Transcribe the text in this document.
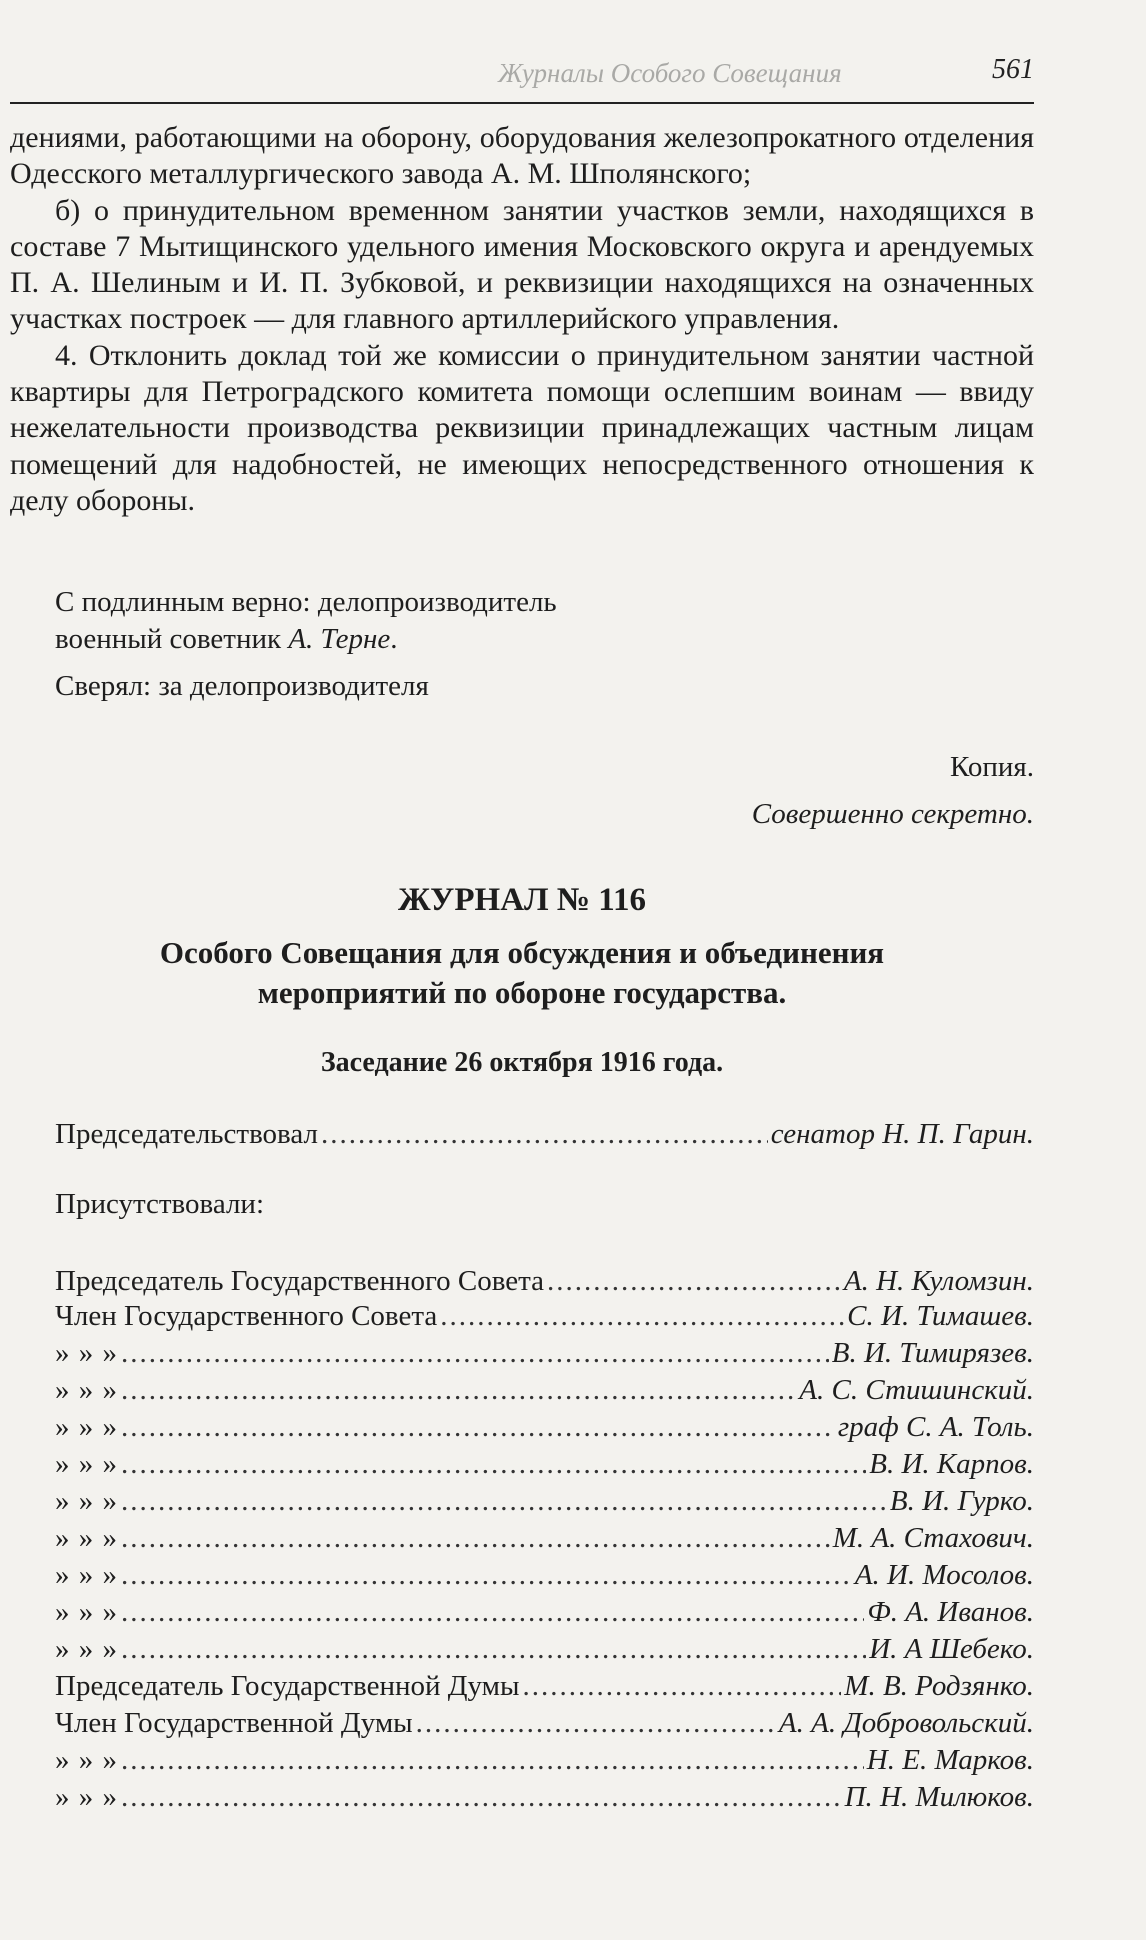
Журналы Особого Совещания	561

дениями, работающими на оборону, оборудования железопрокатного отделения Одесского металлургического завода А. М. Шполянского;

б) о принудительном временном занятии участков земли, находящихся в составе 7 Мытищинского удельного имения Московского округа и арендуемых П. А. Шелиным и И. П. Зубковой, и реквизиции находящихся на означенных участках построек — для главного артиллерийского управления.

4. Отклонить доклад той же комиссии о принудительном занятии частной квартиры для Петроградского комитета помощи ослепшим воинам — ввиду нежелательности производства реквизиции принадлежащих частным лицам помещений для надобностей, не имеющих непосредственного отношения к делу обороны.

С подлинным верно: делопроизводитель
военный советник А. Терне.
Сверял: за делопроизводителя
Копия.
Совершенно секретно.
ЖУРНАЛ № 116
Особого Совещания для обсуждения и объединения
мероприятий по обороне государства.
Заседание 26 октября 1916 года.
Председательствовал .....	сенатор Н. П. Гарин.
Присутствовали:
Председатель Государственного Совета .....	А. Н. Куломзин.
Член Государственного Совета .....	С. И. Тимашев.
» » » .....	В. И. Тимирязев.
» » » .....	А. С. Стишинский.
» » » .....	граф С. А. Толь.
» » » .....	В. И. Карпов.
» » » .....	В. И. Гурко.
» » » .....	М. А. Стахович.
» » » .....	А. И. Мосолов.
» » » .....	Ф. А. Иванов.
» » » .....	И. А Шебеко.
Председатель Государственной Думы .....	М. В. Родзянко.
Член Государственной Думы .....	А. А. Добровольский.
» » » .....	Н. Е. Марков.
» » » .....	П. Н. Милюков.
